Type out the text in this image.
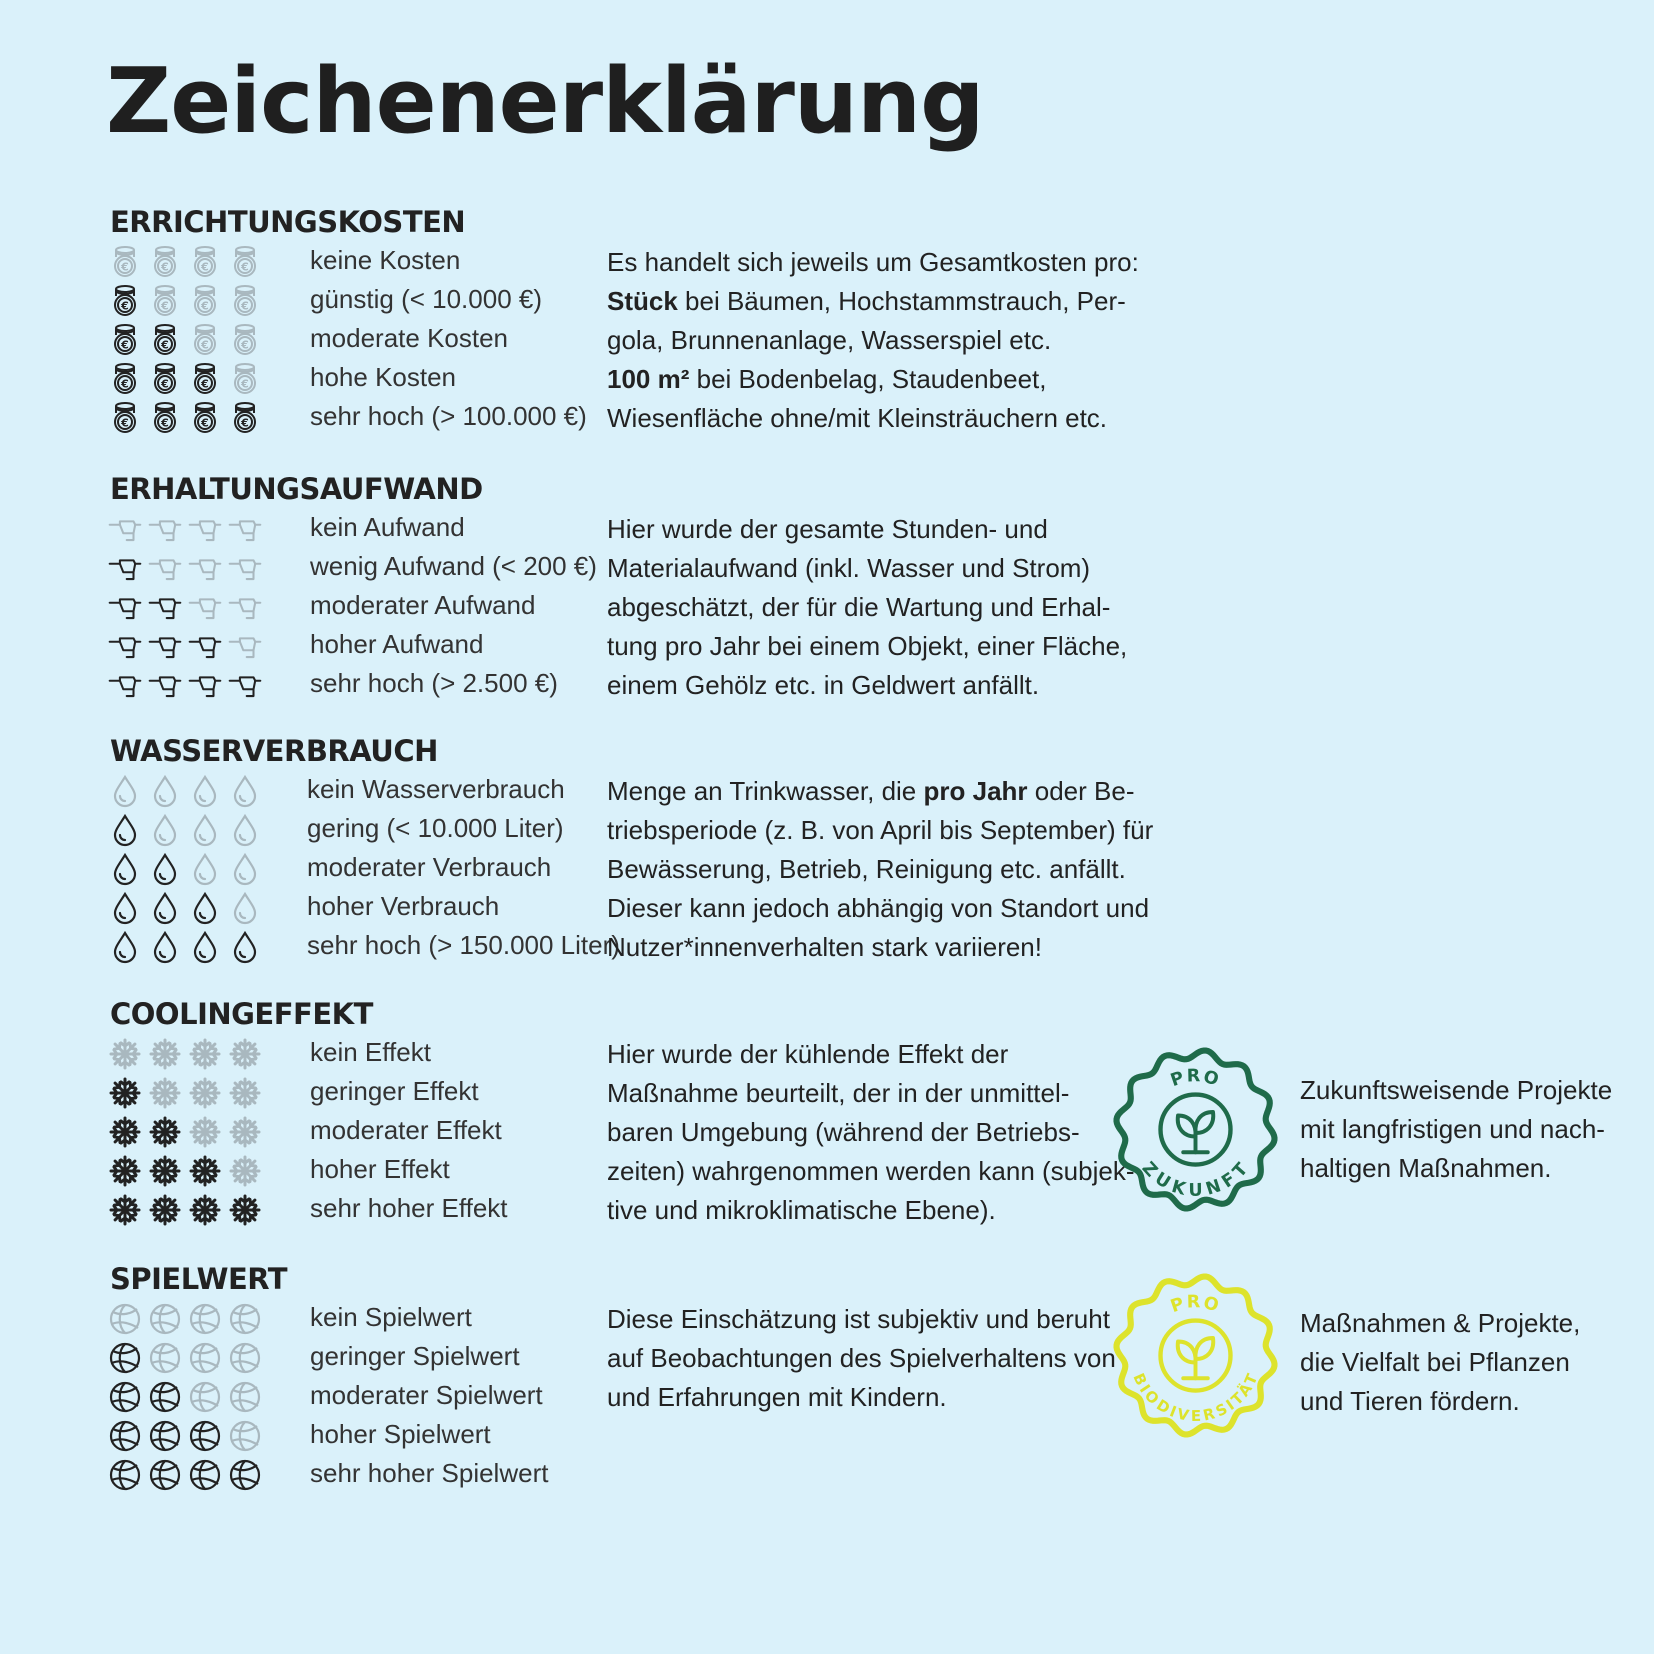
Zeichenerklärung
ERRICHTUNGSKOSTEN
€	€	€	€ keine Kosten
€	€	€	€ günstig (< 10.000 €)
€	€	€	€ moderate Kosten
€	€	€	€ hohe Kosten
€	€	€	€ sehr hoch (> 100.000 €)
Es handelt sich jeweils um Gesamtkosten pro:
Stück bei Bäumen, Hochstammstrauch, Per-
gola, Brunnenanlage, Wasserspiel etc.
100 m² bei Bodenbelag, Staudenbeet,
Wiesenfläche ohne/mit Kleinsträuchern etc.
ERHALTUNGSAUFWAND
kein Aufwand
wenig Aufwand (< 200 €)
moderater Aufwand
hoher Aufwand
sehr hoch (> 2.500 €)
Hier wurde der gesamte Stunden- und
Materialaufwand (inkl. Wasser und Strom)
abgeschätzt, der für die Wartung und Erhal-
tung pro Jahr bei einem Objekt, einer Fläche,
einem Gehölz etc. in Geldwert anfällt.
WASSERVERBRAUCH
kein Wasserverbrauch
gering (< 10.000 Liter)
moderater Verbrauch
hoher Verbrauch
sehr hoch (> 150.000 Liter)
Menge an Trinkwasser, die pro Jahr oder Be-
triebsperiode (z. B. von April bis September) für
Bewässerung, Betrieb, Reinigung etc. anfällt.
Dieser kann jedoch abhängig von Standort und
Nutzer*innenverhalten stark variieren!
COOLINGEFFEKT
kein Effekt
geringer Effekt
moderater Effekt
hoher Effekt
sehr hoher Effekt
Hier wurde der kühlende Effekt der
Maßnahme beurteilt, der in der unmittel-
baren Umgebung (während der Betriebs-
zeiten) wahrgenommen werden kann (subjek-
tive und mikroklimatische Ebene).
SPIELWERT
kein Spielwert
geringer Spielwert
moderater Spielwert
hoher Spielwert
sehr hoher Spielwert
Diese Einschätzung ist subjektiv und beruht
auf Beobachtungen des Spielverhaltens von
und Erfahrungen mit Kindern.
PRO
ZUKUNFT
Zukunftsweisende Projekte
mit langfristigen und nach-
haltigen Maßnahmen.
PRO
BIODIVERSITÄT
Maßnahmen & Projekte,
die Vielfalt bei Pflanzen
und Tieren fördern.
